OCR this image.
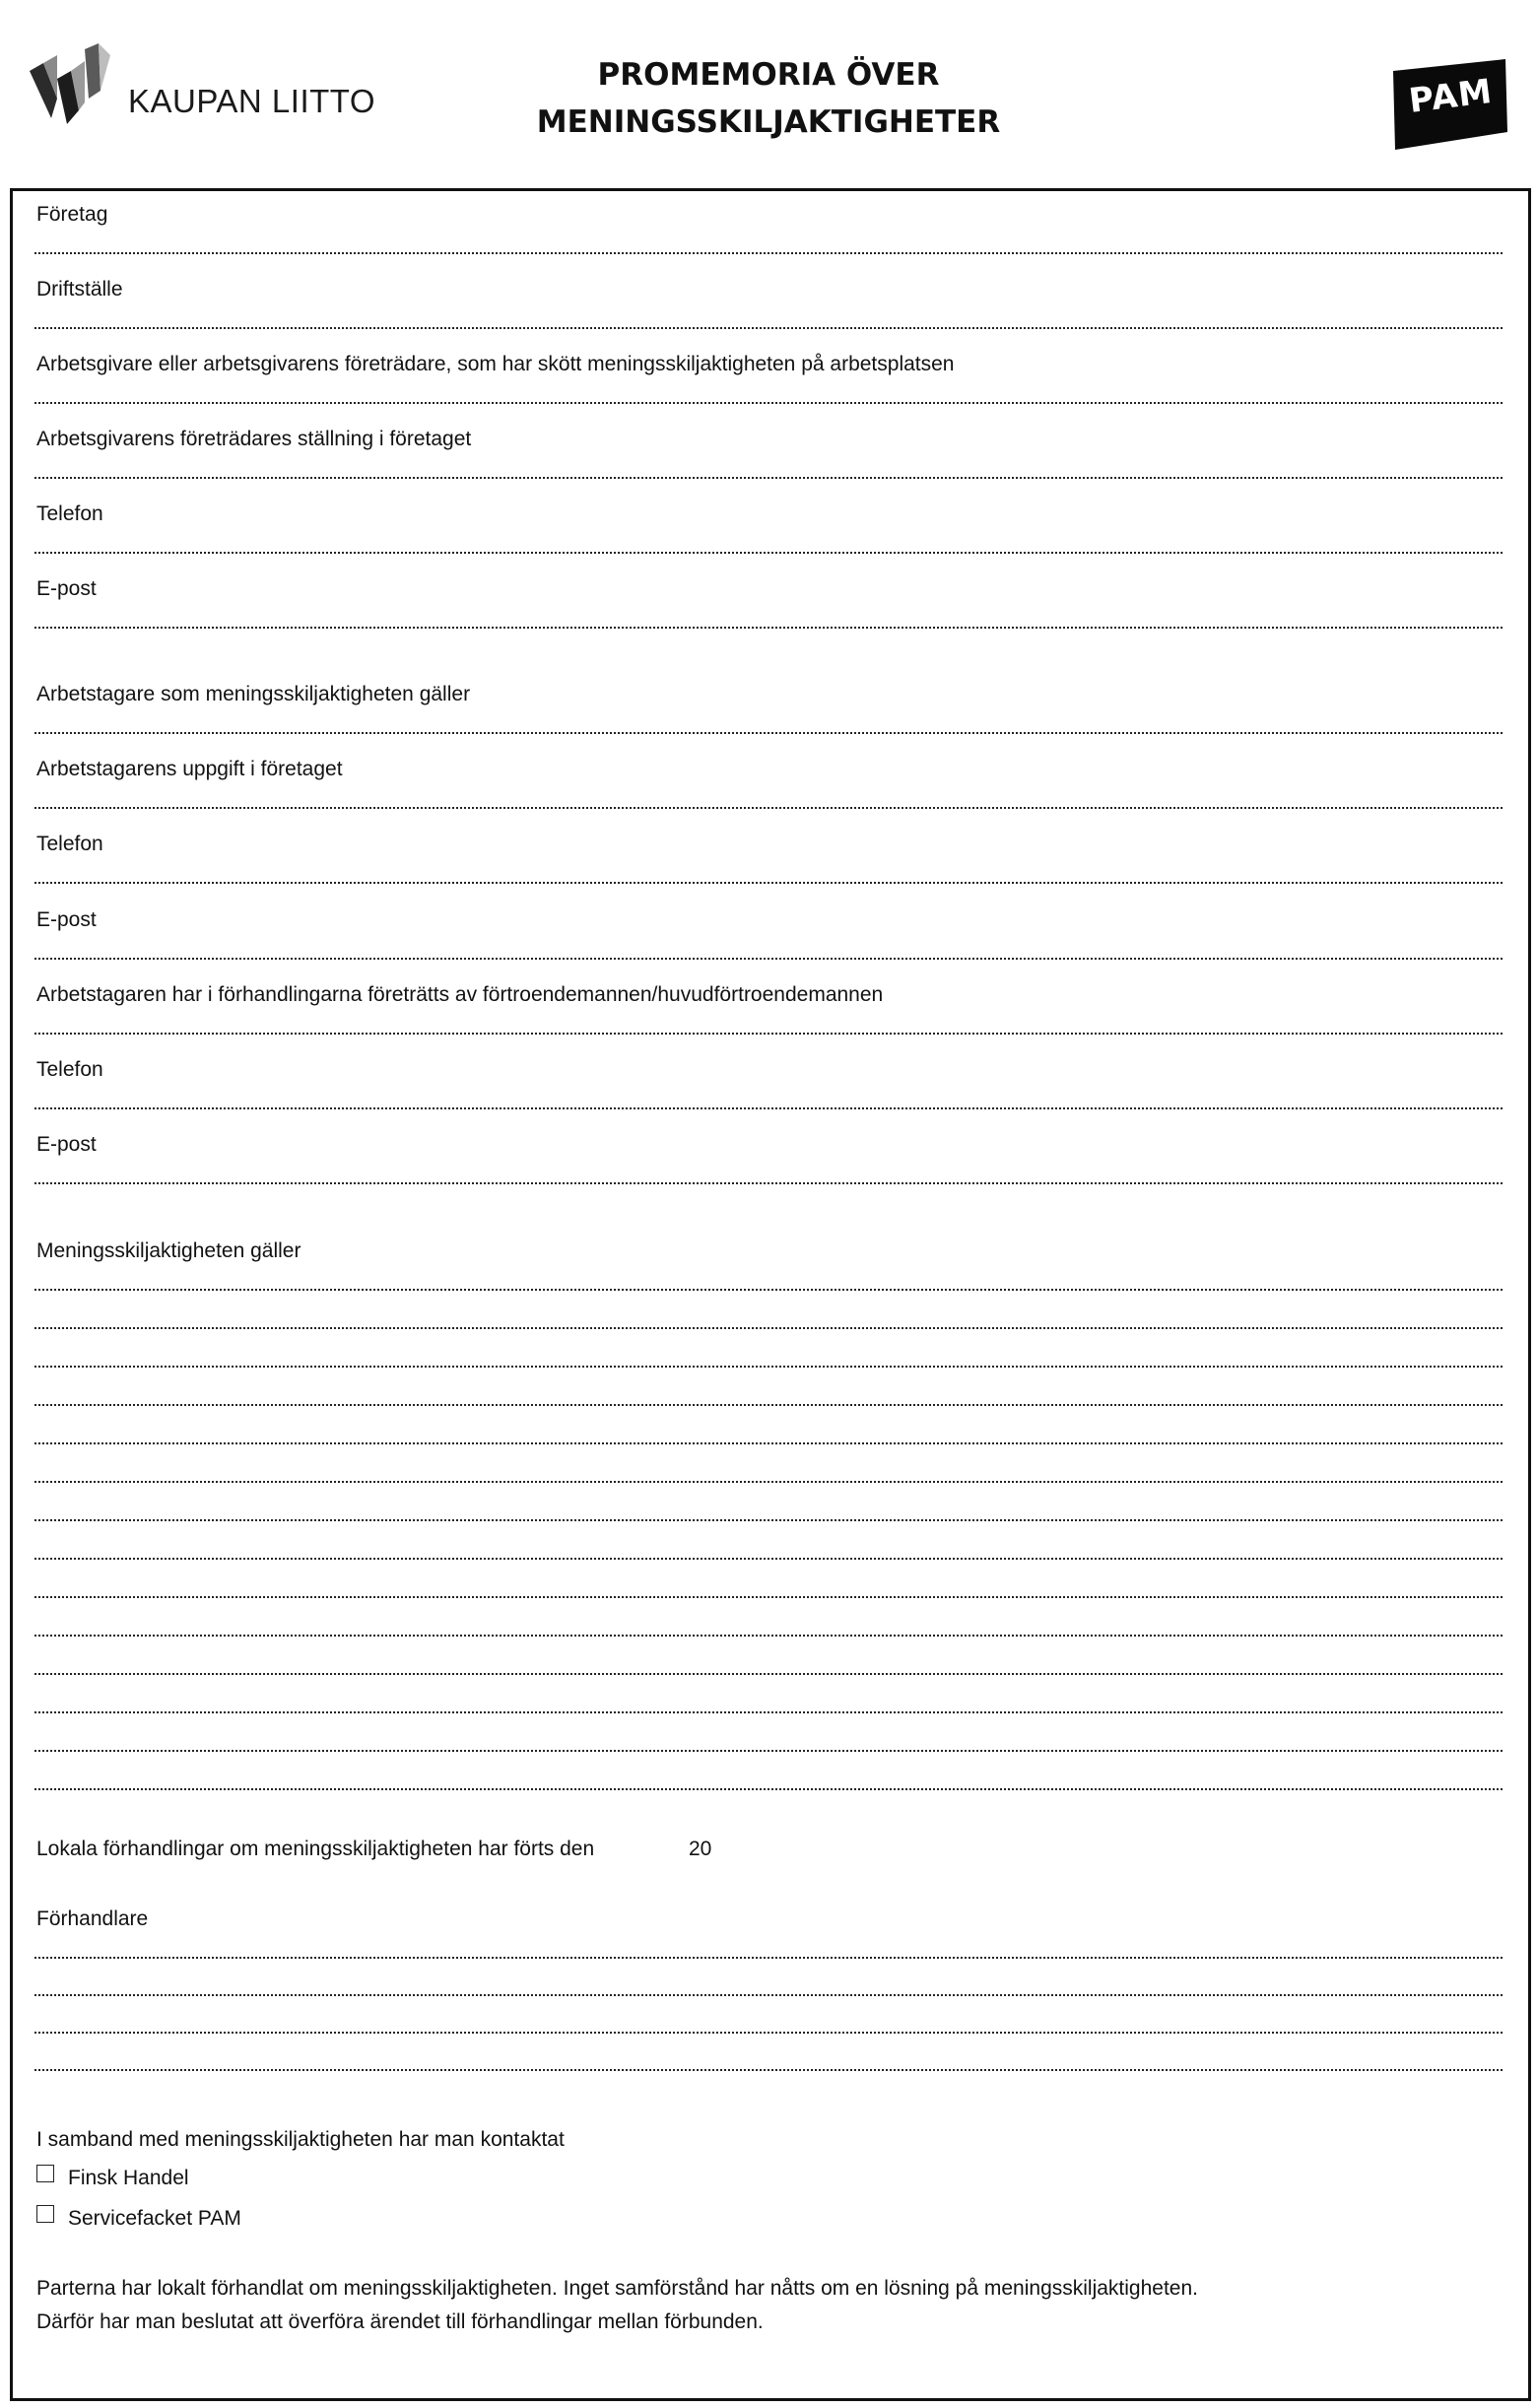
KAUPAN LIITTO
PROMEMORIA ÖVER
MENINGSSKILJAKTIGHETER
PAM
Företag
Driftställe
Arbetsgivare eller arbetsgivarens företrädare, som har skött meningsskiljaktigheten på arbetsplatsen
Arbetsgivarens företrädares ställning i företaget
Telefon
E-post
Arbetstagare som meningsskiljaktigheten gäller
Arbetstagarens uppgift i företaget
Telefon
E-post
Arbetstagaren har i förhandlingarna företrätts av förtroendemannen/huvudförtroendemannen
Telefon
E-post
Meningsskiljaktigheten gäller
Lokala förhandlingar om meningsskiljaktigheten har förts den	20
Förhandlare
I samband med meningsskiljaktigheten har man kontaktat
Finsk Handel
Servicefacket PAM
Parterna har lokalt förhandlat om meningsskiljaktigheten. Inget samförstånd har nåtts om en lösning på meningsskiljaktigheten.
Därför har man beslutat att överföra ärendet till förhandlingar mellan förbunden.
